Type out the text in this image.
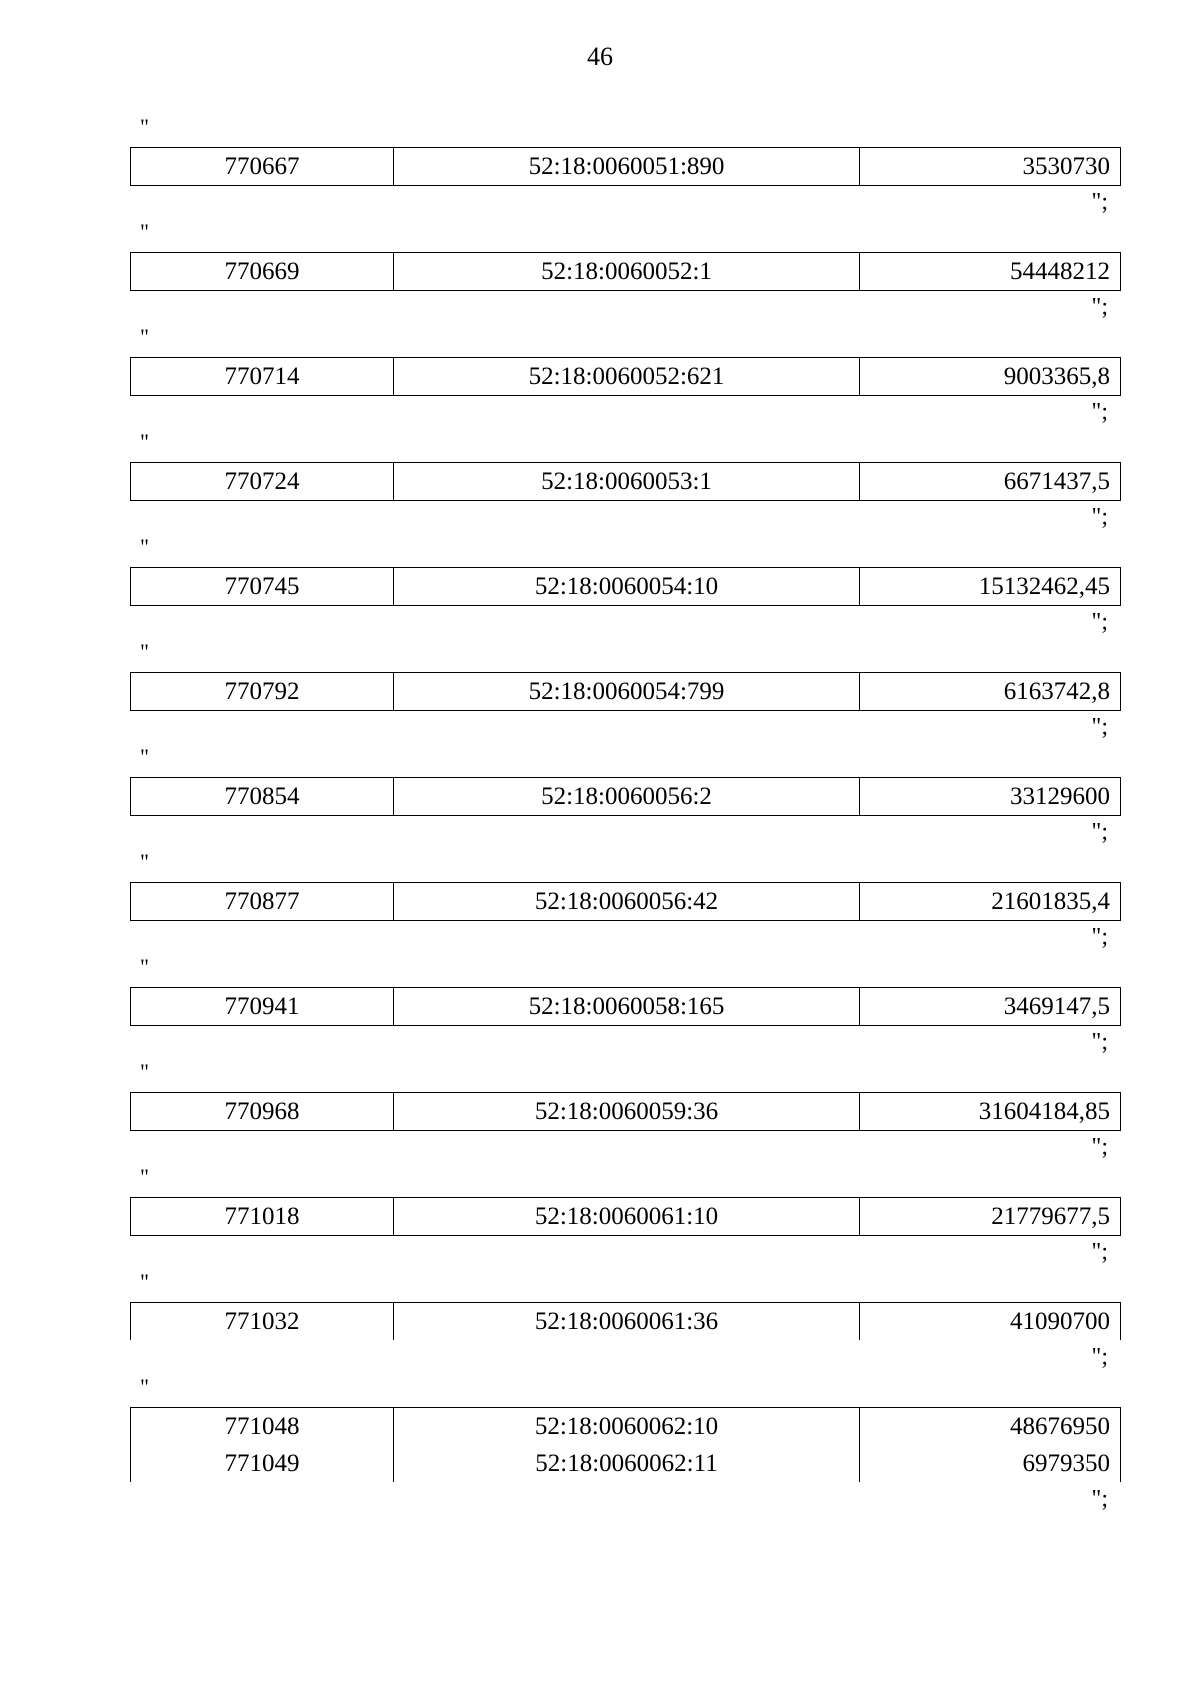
46
"
770667	52:18:0060051:890	3530730
";
"
770669	52:18:0060052:1	54448212
";
"
770714	52:18:0060052:621	9003365,8
";
"
770724	52:18:0060053:1	6671437,5
";
"
770745	52:18:0060054:10	15132462,45
";
"
770792	52:18:0060054:799	6163742,8
";
"
770854	52:18:0060056:2	33129600
";
"
770877	52:18:0060056:42	21601835,4
";
"
770941	52:18:0060058:165	3469147,5
";
"
770968	52:18:0060059:36	31604184,85
";
"
771018	52:18:0060061:10	21779677,5
";
"
771032	52:18:0060061:36	41090700
";
"
771048	52:18:0060062:10	48676950
771049	52:18:0060062:11	6979350
";
